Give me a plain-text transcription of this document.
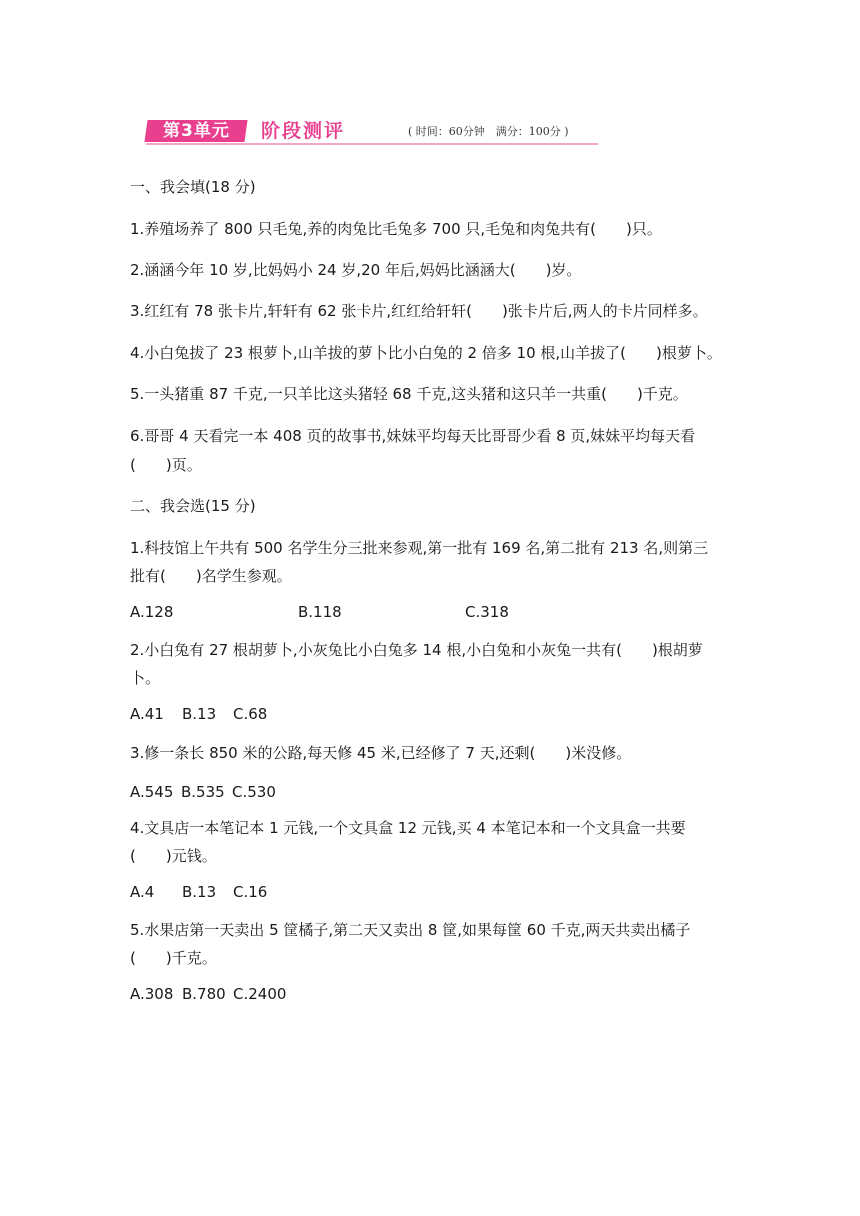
第3单元	阶段测评	( 时间：60分钟　满分：100分 )
一、我会填(18 分)
1.养殖场养了 800 只毛兔,养的肉兔比毛兔多 700 只,毛兔和肉兔共有(　　)只。
2.涵涵今年 10 岁,比妈妈小 24 岁,20 年后,妈妈比涵涵大(　　)岁。
3.红红有 78 张卡片,轩轩有 62 张卡片,红红给轩轩(　　)张卡片后,两人的卡片同样多。
4.小白兔拔了 23 根萝卜,山羊拔的萝卜比小白兔的 2 倍多 10 根,山羊拔了(　　)根萝卜。
5.一头猪重 87 千克,一只羊比这头猪轻 68 千克,这头猪和这只羊一共重(　　)千克。
6.哥哥 4 天看完一本 408 页的故事书,妹妹平均每天比哥哥少看 8 页,妹妹平均每天看
(　　)页。
二、我会选(15 分)
1.科技馆上午共有 500 名学生分三批来参观,第一批有 169 名,第二批有 213 名,则第三
批有(　　)名学生参观。
A.128	B.118	C.318
2.小白兔有 27 根胡萝卜,小灰兔比小白兔多 14 根,小白兔和小灰兔一共有(　　)根胡萝
卜。
A.41 B.13 C.68
3.修一条长 850 米的公路,每天修 45 米,已经修了 7 天,还剩(　　)米没修。
A.545 B.535 C.530
4.文具店一本笔记本 1 元钱,一个文具盒 12 元钱,买 4 本笔记本和一个文具盒一共要
(　　)元钱。
A.4 B.13 C.16
5.水果店第一天卖出 5 筐橘子,第二天又卖出 8 筐,如果每筐 60 千克,两天共卖出橘子
(　　)千克。
A.308 B.780 C.2400
